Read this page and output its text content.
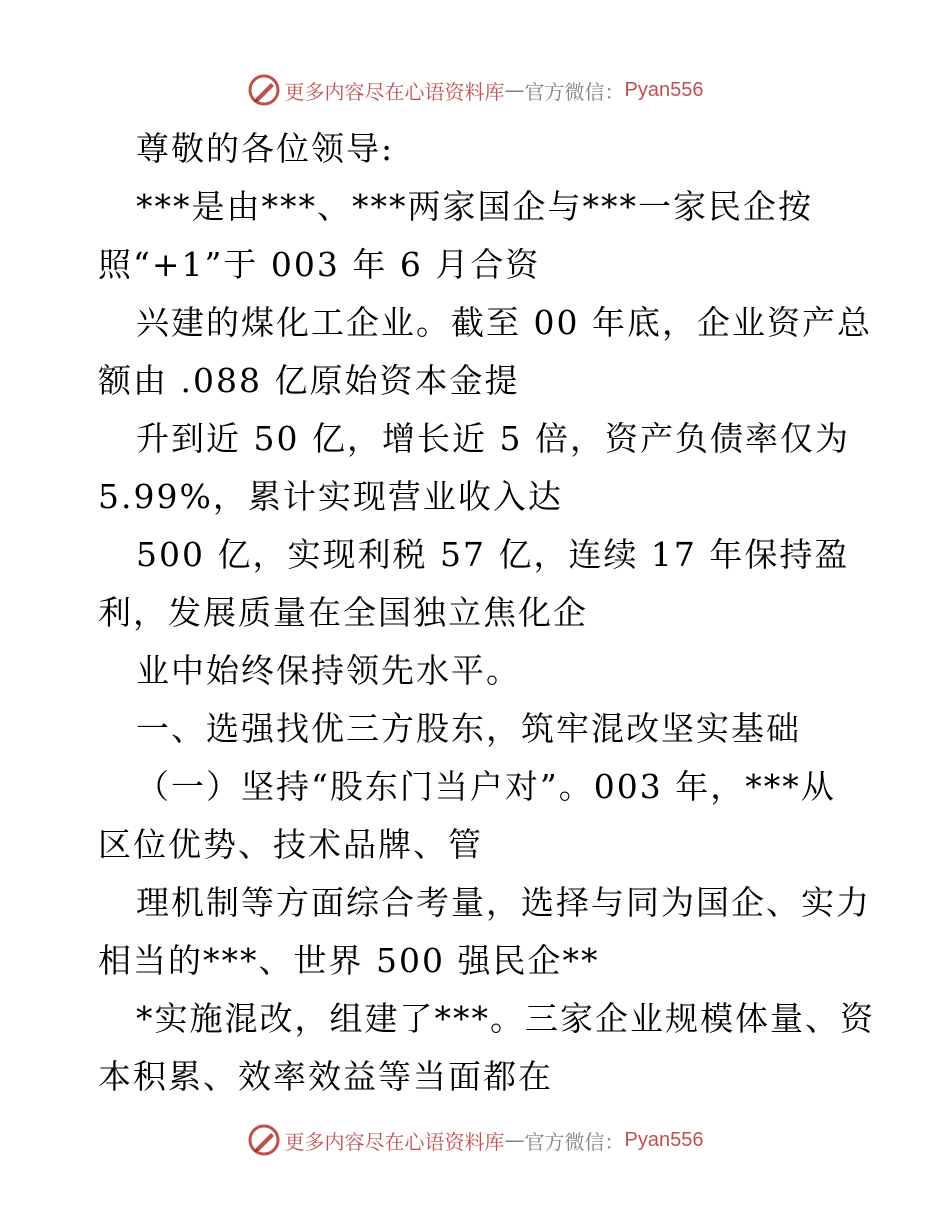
更多内容尽在心语资料库 — 官方微信： Pyan556
尊敬的各位领导:
***是由***、***两家国企与***一家民企按
照“+1”于 003 年 6 月合资
兴建的煤化工企业。截至 00 年底，企业资产总
额由 .088 亿原始资本金提
升到近 50 亿，增长近 5 倍，资产负债率仅为
5.99%，累计实现营业收入达
500 亿，实现利税 57 亿，连续 17 年保持盈
利，发展质量在全国独立焦化企
业中始终保持领先水平。
一、选强找优三方股东，筑牢混改坚实基础
（一）坚持“股东门当户对”。003 年，***从
区位优势、技术品牌、管
理机制等方面综合考量，选择与同为国企、实力
相当的***、世界 500 强民企**
*实施混改，组建了***。三家企业规模体量、资
本积累、效率效益等当面都在
更多内容尽在心语资料库 — 官方微信： Pyan556
